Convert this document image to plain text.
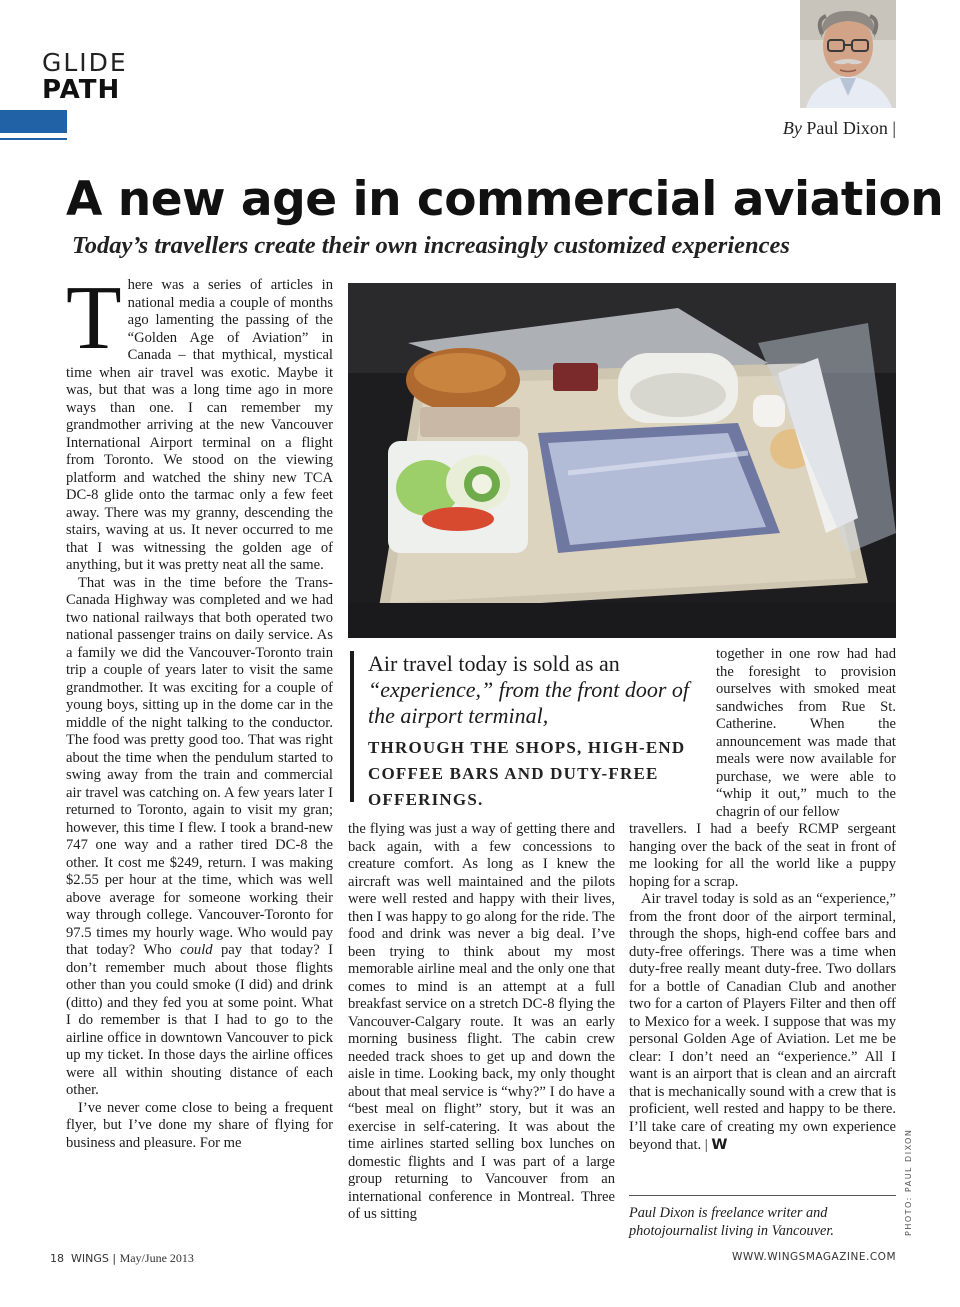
GLIDE
PATH
By Paul Dixon |
A new age in commercial aviation
Today’s travellers create their own increasingly customized experiences

There was a series of articles in national media a couple of months ago lamenting the passing of the “Golden Age of Aviation” in Canada – that mythical, mystical time when air travel was exotic. Maybe it was, but that was a long time ago in more ways than one. I can remember my grandmother arriving at the new Vancouver International Airport terminal on a flight from Toronto. We stood on the viewing platform and watched the shiny new TCA DC-8 glide onto the tarmac only a few feet away. There was my granny, descending the stairs, waving at us. It never occurred to me that I was witnessing the golden age of anything, but it was pretty neat all the same.

That was in the time before the Trans-Canada Highway was completed and we had two national railways that both operated two national passenger trains on daily service. As a family we did the Vancouver-Toronto train trip a couple of years later to visit the same grandmother. It was exciting for a couple of young boys, sitting up in the dome car in the middle of the night talking to the conductor. The food was pretty good too. That was right about the time when the pendulum started to swing away from the train and commercial air travel was catching on. A few years later I returned to Toronto, again to visit my gran; however, this time I flew. I took a brand-new 747 one way and a rather tired DC-8 the other. It cost me $249, return. I was making $2.55 per hour at the time, which was well above average for someone working their way through college. Vancouver-Toronto for 97.5 times my hourly wage. Who would pay that today? Who could pay that today? I don’t remember much about those flights other than you could smoke (I did) and drink (ditto) and they fed you at some point. What I do remember is that I had to go to the airline office in downtown Vancouver to pick up my ticket. In those days the airline offices were all within shouting distance of each other.

I’ve never come close to being a frequent flyer, but I’ve done my share of flying for business and pleasure. For me

Air travel today is sold as an “experience,” from the front door of the airport terminal,
THROUGH THE SHOPS, HIGH-END COFFEE BARS AND DUTY-FREE OFFERINGS.

together in one row had had the foresight to provision ourselves with smoked meat sandwiches from Rue St. Catherine. When the announcement was made that meals were now available for purchase, we were able to “whip it out,” much to the chagrin of our fellow

the flying was just a way of getting there and back again, with a few concessions to creature comfort. As long as I knew the aircraft was well maintained and the pilots were well rested and happy with their lives, then I was happy to go along for the ride. The food and drink was never a big deal. I’ve been trying to think about my most memorable airline meal and the only one that comes to mind is an attempt at a full breakfast service on a stretch DC-8 flying the Vancouver-Calgary route. It was an early morning business flight. The cabin crew needed track shoes to get up and down the aisle in time. Looking back, my only thought about that meal service is “why?” I do have a “best meal on flight” story, but it was an exercise in self-catering. It was about the time airlines started selling box lunches on domestic flights and I was part of a large group returning to Vancouver from an international conference in Montreal. Three of us sitting

travellers. I had a beefy RCMP sergeant hanging over the back of the seat in front of me looking for all the world like a puppy hoping for a scrap.

Air travel today is sold as an “experience,” from the front door of the airport terminal, through the shops, high-end coffee bars and duty-free offerings. There was a time when duty-free really meant duty-free. Two dollars for a bottle of Canadian Club and another two for a carton of Players Filter and then off to Mexico for a week. I suppose that was my personal Golden Age of Aviation. Let me be clear: I don’t need an “experience.” All I want is an airport that is clean and an aircraft that is mechanically sound with a crew that is proficient, well rested and happy to be there. I’ll take care of creating my own experience beyond that. | W

Paul Dixon is freelance writer and photojournalist living in Vancouver.	PHOTO: PAUL DIXON
18 WINGS | May/June 2013	WWW.WINGSMAGAZINE.COM
